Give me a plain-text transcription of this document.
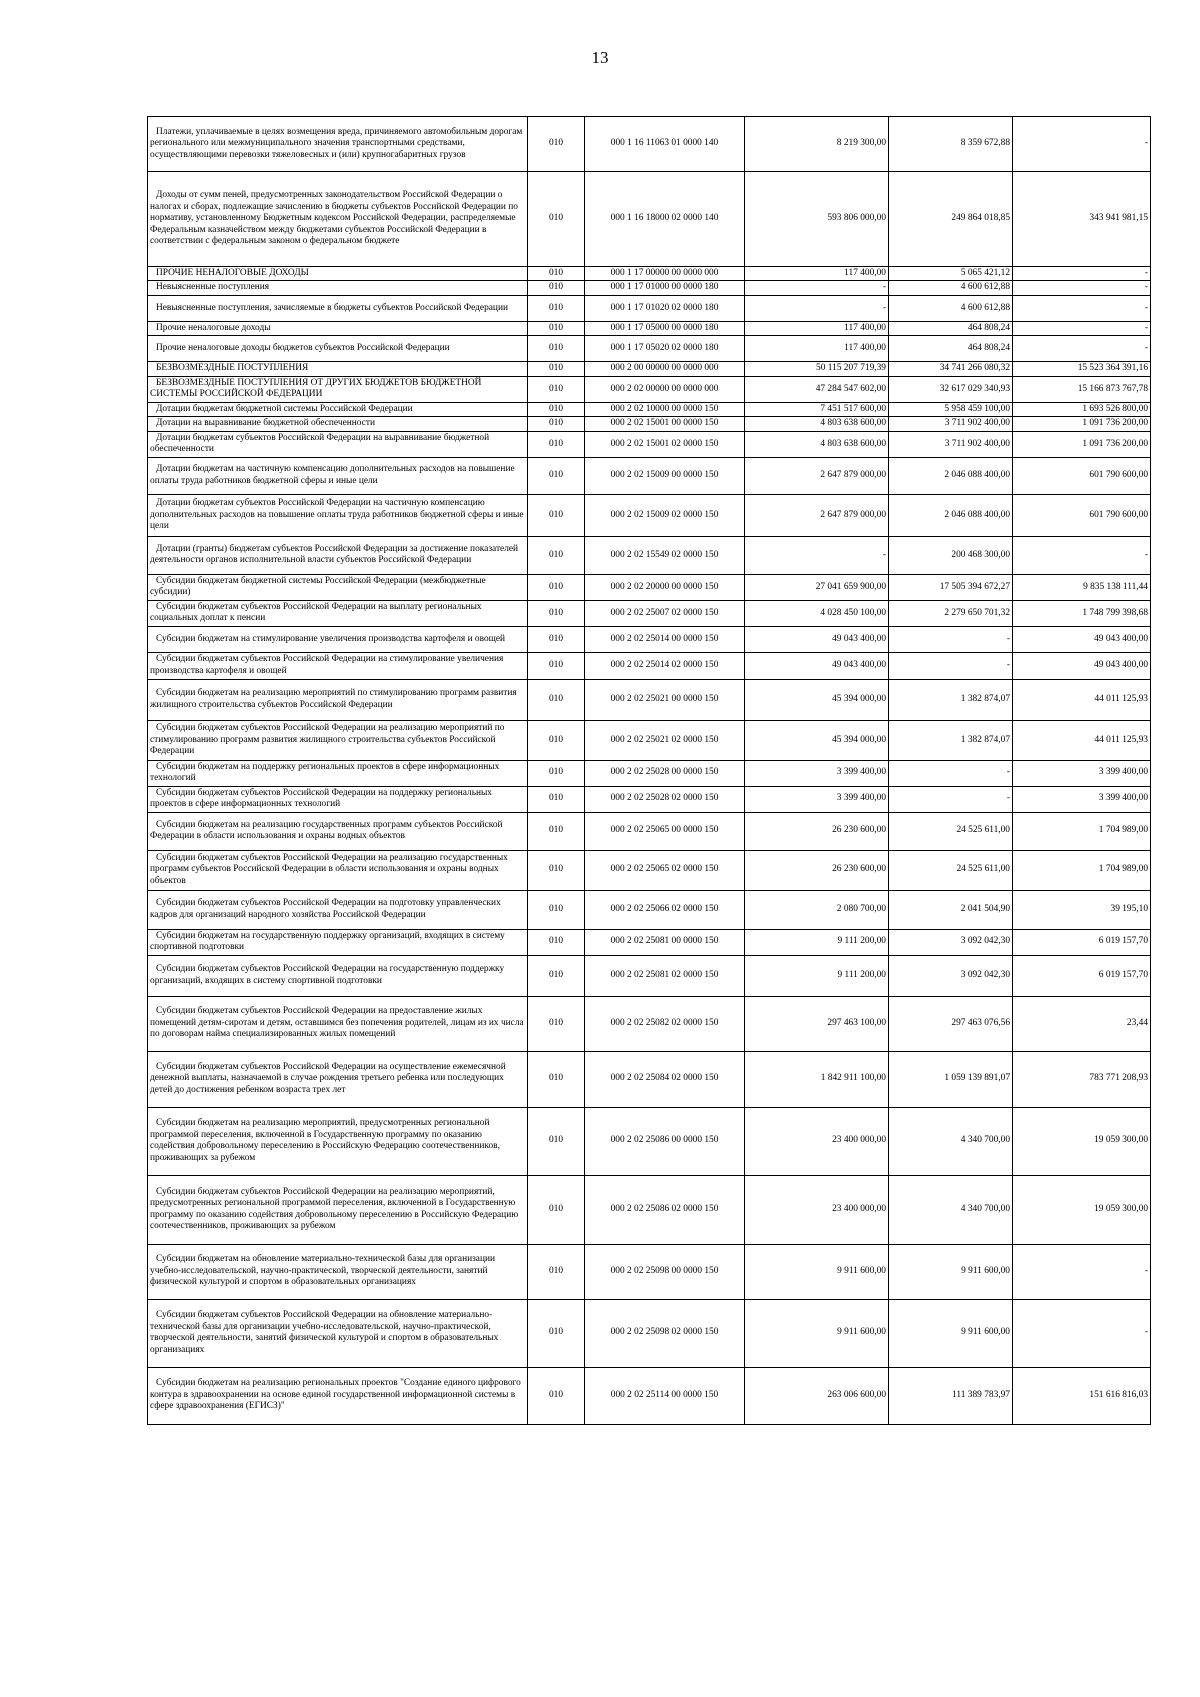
13
Платежи, уплачиваемые в целях возмещения вреда, причиняемого автомобильным дорогам регионального или межмуниципального значения транспортными средствами, осуществляющими перевозки тяжеловесных и (или) крупногабаритных грузов	010	000 1 16 11063 01 0000 140	8 219 300,00	8 359 672,88	-
Доходы от сумм пеней, предусмотренных законодательством Российской Федерации о налогах и сборах, подлежащие зачислению в бюджеты субъектов Российской Федерации по нормативу, установленному Бюджетным кодексом Российской Федерации, распределяемые Федеральным казначейством между бюджетами субъектов Российской Федерации в соответствии с федеральным законом о федеральном бюджете	010	000 1 16 18000 02 0000 140	593 806 000,00	249 864 018,85	343 941 981,15
ПРОЧИЕ НЕНАЛОГОВЫЕ ДОХОДЫ	010	000 1 17 00000 00 0000 000	117 400,00	5 065 421,12	-
Невыясненные поступления	010	000 1 17 01000 00 0000 180	-	4 600 612,88	-
Невыясненные поступления, зачисляемые в бюджеты субъектов Российской Федерации	010	000 1 17 01020 02 0000 180	-	4 600 612,88	-
Прочие неналоговые доходы	010	000 1 17 05000 00 0000 180	117 400,00	464 808,24	-
Прочие неналоговые доходы бюджетов субъектов Российской Федерации	010	000 1 17 05020 02 0000 180	117 400,00	464 808,24	-
БЕЗВОЗМЕЗДНЫЕ ПОСТУПЛЕНИЯ	010	000 2 00 00000 00 0000 000	50 115 207 719,39	34 741 266 080,32	15 523 364 391,16
БЕЗВОЗМЕЗДНЫЕ ПОСТУПЛЕНИЯ ОТ ДРУГИХ БЮДЖЕТОВ БЮДЖЕТНОЙ СИСТЕМЫ РОССИЙСКОЙ ФЕДЕРАЦИИ	010	000 2 02 00000 00 0000 000	47 284 547 602,00	32 617 029 340,93	15 166 873 767,78
Дотации бюджетам бюджетной системы Российской Федерации	010	000 2 02 10000 00 0000 150	7 451 517 600,00	5 958 459 100,00	1 693 526 800,00
Дотации на выравнивание бюджетной обеспеченности	010	000 2 02 15001 00 0000 150	4 803 638 600,00	3 711 902 400,00	1 091 736 200,00
Дотации бюджетам субъектов Российской Федерации на выравнивание бюджетной обеспеченности	010	000 2 02 15001 02 0000 150	4 803 638 600,00	3 711 902 400,00	1 091 736 200,00
Дотации бюджетам на частичную компенсацию дополнительных расходов на повышение оплаты труда работников бюджетной сферы и иные цели	010	000 2 02 15009 00 0000 150	2 647 879 000,00	2 046 088 400,00	601 790 600,00
Дотации бюджетам субъектов Российской Федерации на частичную компенсацию дополнительных расходов на повышение оплаты труда работников бюджетной сферы и иные цели	010	000 2 02 15009 02 0000 150	2 647 879 000,00	2 046 088 400,00	601 790 600,00
Дотации (гранты) бюджетам субъектов Российской Федерации за достижение показателей деятельности органов исполнительной власти субъектов Российской Федерации	010	000 2 02 15549 02 0000 150	-	200 468 300,00	-
Субсидии бюджетам бюджетной системы Российской Федерации (межбюджетные субсидии)	010	000 2 02 20000 00 0000 150	27 041 659 900,00	17 505 394 672,27	9 835 138 111,44
Субсидии бюджетам субъектов Российской Федерации на выплату региональных социальных доплат к пенсии	010	000 2 02 25007 02 0000 150	4 028 450 100,00	2 279 650 701,32	1 748 799 398,68
Субсидии бюджетам на стимулирование увеличения производства картофеля и овощей	010	000 2 02 25014 00 0000 150	49 043 400,00	-	49 043 400,00
Субсидии бюджетам субъектов Российской Федерации на стимулирование увеличения производства картофеля и овощей	010	000 2 02 25014 02 0000 150	49 043 400,00	-	49 043 400,00
Субсидии бюджетам на реализацию мероприятий по стимулированию программ развития жилищного строительства субъектов Российской Федерации	010	000 2 02 25021 00 0000 150	45 394 000,00	1 382 874,07	44 011 125,93
Субсидии бюджетам субъектов Российской Федерации на реализацию мероприятий по стимулированию программ развития жилищного строительства субъектов Российской Федерации	010	000 2 02 25021 02 0000 150	45 394 000,00	1 382 874,07	44 011 125,93
Субсидии бюджетам на поддержку региональных проектов в сфере информационных технологий	010	000 2 02 25028 00 0000 150	3 399 400,00	-	3 399 400,00
Субсидии бюджетам субъектов Российской Федерации на поддержку региональных проектов в сфере информационных технологий	010	000 2 02 25028 02 0000 150	3 399 400,00	-	3 399 400,00
Субсидии бюджетам на реализацию государственных программ субъектов Российской Федерации в области использования и охраны водных объектов	010	000 2 02 25065 00 0000 150	26 230 600,00	24 525 611,00	1 704 989,00
Субсидии бюджетам субъектов Российской Федерации на реализацию государственных программ субъектов Российской Федерации в области использования и охраны водных объектов	010	000 2 02 25065 02 0000 150	26 230 600,00	24 525 611,00	1 704 989,00
Субсидии бюджетам субъектов Российской Федерации на подготовку управленческих кадров для организаций народного хозяйства Российской Федерации	010	000 2 02 25066 02 0000 150	2 080 700,00	2 041 504,90	39 195,10
Субсидии бюджетам на государственную поддержку организаций, входящих в систему спортивной подготовки	010	000 2 02 25081 00 0000 150	9 111 200,00	3 092 042,30	6 019 157,70
Субсидии бюджетам субъектов Российской Федерации на государственную поддержку организаций, входящих в систему спортивной подготовки	010	000 2 02 25081 02 0000 150	9 111 200,00	3 092 042,30	6 019 157,70
Субсидии бюджетам субъектов Российской Федерации на предоставление жилых помещений детям-сиротам и детям, оставшимся без попечения родителей, лицам из их числа по договорам найма специализированных жилых помещений	010	000 2 02 25082 02 0000 150	297 463 100,00	297 463 076,56	23,44
Субсидии бюджетам субъектов Российской Федерации на осуществление ежемесячной денежной выплаты, назначаемой в случае рождения третьего ребенка или последующих детей до достижения ребенком возраста трех лет	010	000 2 02 25084 02 0000 150	1 842 911 100,00	1 059 139 891,07	783 771 208,93
Субсидии бюджетам на реализацию мероприятий, предусмотренных региональной программой переселения, включенной в Государственную программу по оказанию содействия добровольному переселению в Российскую Федерацию соотечественников, проживающих за рубежом	010	000 2 02 25086 00 0000 150	23 400 000,00	4 340 700,00	19 059 300,00
Субсидии бюджетам субъектов Российской Федерации на реализацию мероприятий, предусмотренных региональной программой переселения, включенной в Государственную программу по оказанию содействия добровольному переселению в Российскую Федерацию соотечественников, проживающих за рубежом	010	000 2 02 25086 02 0000 150	23 400 000,00	4 340 700,00	19 059 300,00
Субсидии бюджетам на обновление материально-технической базы для организации учебно-исследовательской, научно-практической, творческой деятельности, занятий физической культурой и спортом в образовательных организациях	010	000 2 02 25098 00 0000 150	9 911 600,00	9 911 600,00	-
Субсидии бюджетам субъектов Российской Федерации на обновление материально-технической базы для организации учебно-исследовательской, научно-практической, творческой деятельности, занятий физической культурой и спортом в образовательных организациях	010	000 2 02 25098 02 0000 150	9 911 600,00	9 911 600,00	-
Субсидии бюджетам на реализацию региональных проектов "Создание единого цифрового контура в здравоохранении на основе единой государственной информационной системы в сфере здравоохранения (ЕГИСЗ)"	010	000 2 02 25114 00 0000 150	263 006 600,00	111 389 783,97	151 616 816,03
